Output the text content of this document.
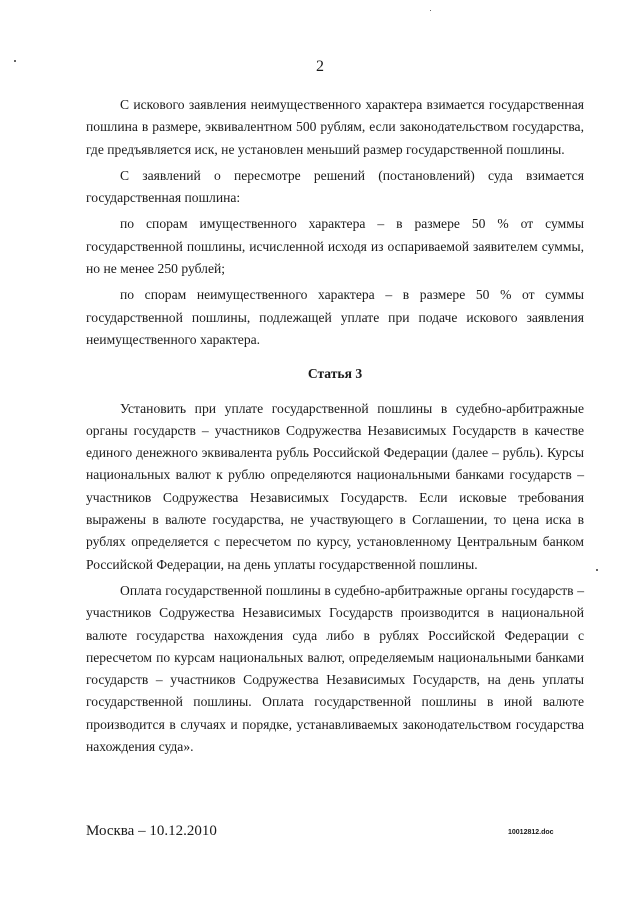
2

С искового заявления неимущественного характера взимается государственная пошлина в размере, эквивалентном 500 рублям, если законодательством государства, где предъявляется иск, не установлен меньший размер государственной пошлины.

С заявлений о пересмотре решений (постановлений) суда взимается государственная пошлина:

по спорам имущественного характера – в размере 50 % от суммы государственной пошлины, исчисленной исходя из оспариваемой заявителем суммы, но не менее 250 рублей;

по спорам неимущественного характера – в размере 50 % от суммы государственной пошлины, подлежащей уплате при подаче искового заявления неимущественного характера.

Статья 3

Установить при уплате государственной пошлины в судебно-арбитражные органы государств – участников Содружества Независимых Государств в качестве единого денежного эквивалента рубль Российской Федерации (далее – рубль). Курсы национальных валют к рублю определяются национальными банками государств – участников Содружества Независимых Государств. Если исковые требования выражены в валюте государства, не участвующего в Соглашении, то цена иска в рублях определяется с пересчетом по курсу, установленному Центральным банком Российской Федерации, на день уплаты государственной пошлины.

Оплата государственной пошлины в судебно-арбитражные органы государств – участников Содружества Независимых Государств производится в национальной валюте государства нахождения суда либо в рублях Российской Федерации с пересчетом по курсам национальных валют, определяемым национальными банками государств – участников Содружества Независимых Государств, на день уплаты государственной пошлины. Оплата государственной пошлины в иной валюте производится в случаях и порядке, устанавливаемых законодательством государства нахождения суда».

Москва – 10.12.2010	10012812.doc
